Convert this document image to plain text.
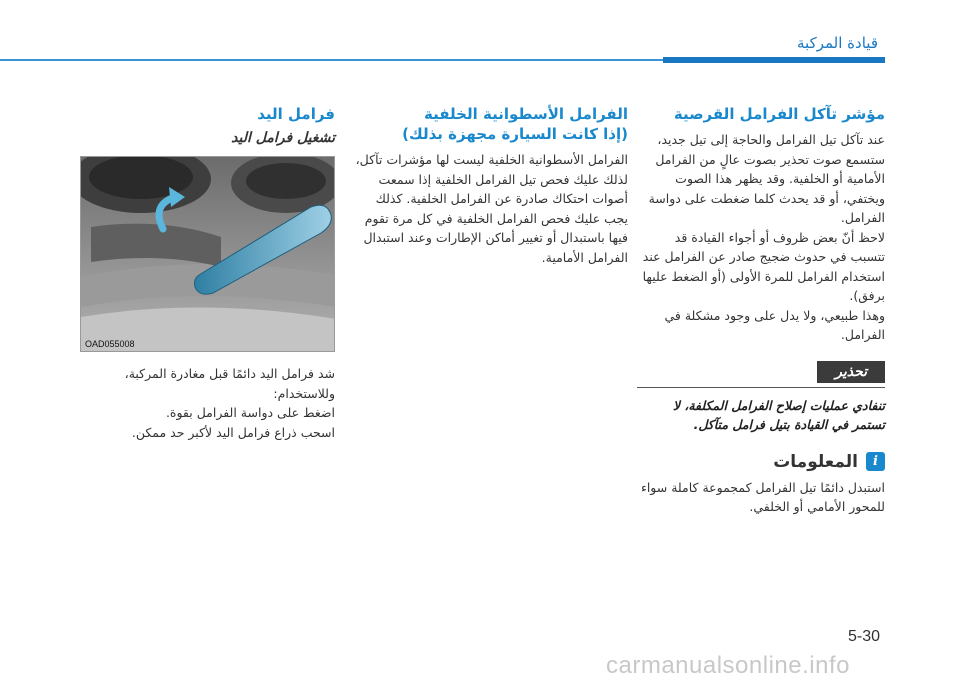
قيادة المركبة
مؤشر تآكل الفرامل القرصية

عند تآكل تيل الفرامل والحاجة إلى تيل جديد، ستسمع صوت تحذير بصوت عالٍ من الفرامل الأمامية أو الخلفية. وقد يظهر هذا الصوت ويختفي، أو قد يحدث كلما ضغطت على دواسة الفرامل.

لاحظ أنّ بعض ظروف أو أجواء القيادة قد تتسبب في حدوث ضجيج صادر عن الفرامل عند استخدام الفرامل للمرة الأولى (أو الضغط عليها برفق).

وهذا طبيعي، ولا يدل على وجود مشكلة في الفرامل.

تحذير

تنفادي عمليات إصلاح الفرامل المكلفة، لا تستمر في القيادة بتيل فرامل متآكل.

i
المعلومات

استبدل دائمًا تيل الفرامل كمجموعة كاملة سواء للمحور الأمامي أو الخلفي.

الفرامل الأسطوانية الخلفية
(إذا كانت السيارة مجهزة بذلك)

الفرامل الأسطوانية الخلفية ليست لها مؤشرات تآكل، لذلك عليك فحص تيل الفرامل الخلفية إذا سمعت أصوات احتكاك صادرة عن الفرامل الخلفية. كذلك يجب عليك فحص الفرامل الخلفية في كل مرة تقوم فيها باستبدال أو تغيير أماكن الإطارات وعند استبدال الفرامل الأمامية.

فرامل اليد
تشغيل فرامل اليد
OAD055008

شد فرامل اليد دائمًا قبل مغادرة المركبة، وللاستخدام:

اضغط على دواسة الفرامل بقوة.

اسحب ذراع فرامل اليد لأكبر حد ممكن.

5-30
carmanualsonline.info
